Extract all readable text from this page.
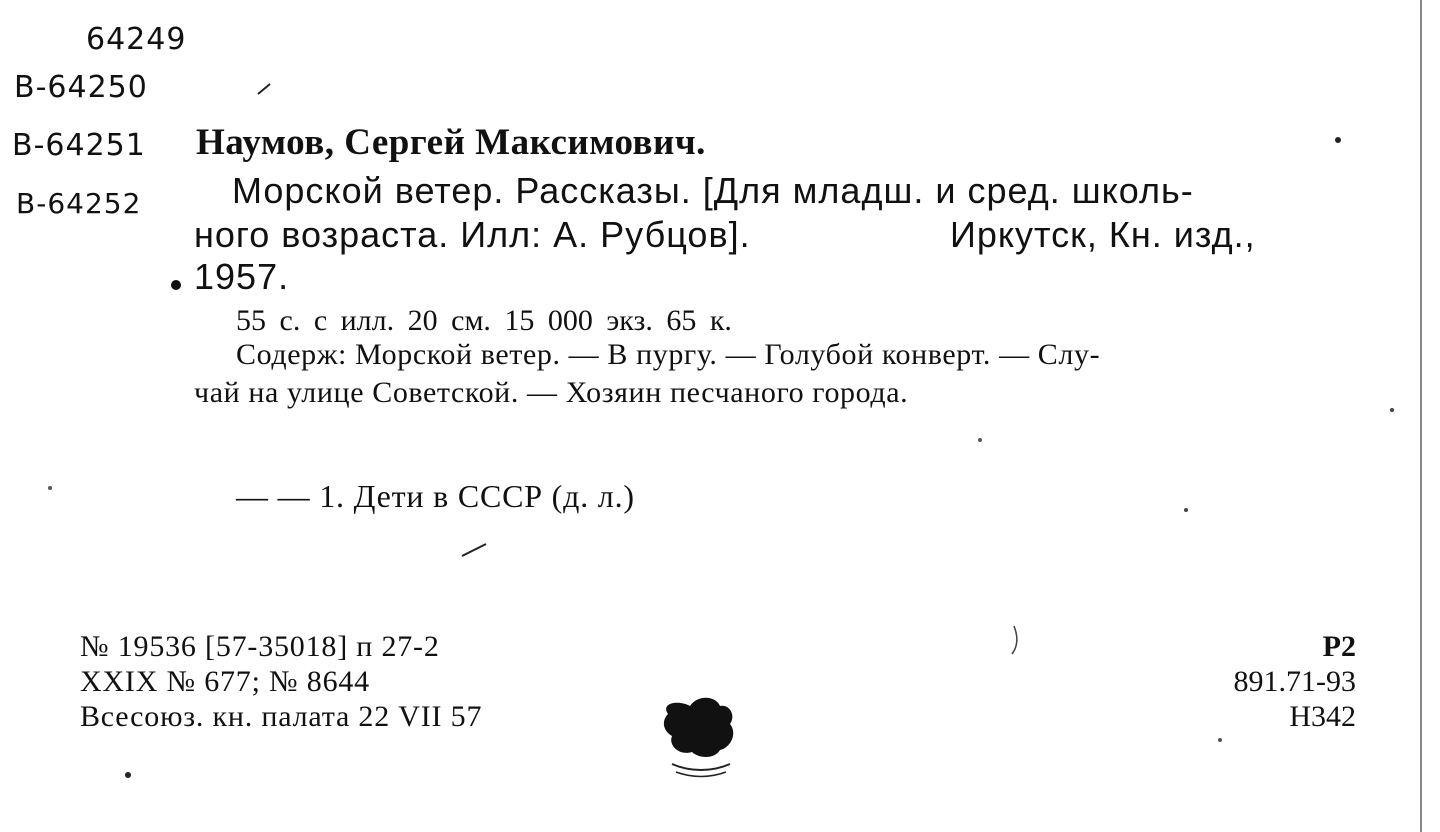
64249
В-64250
В-64251
В-64252
Наумов, Сергей Максимович.
Морской ветер. Рассказы. [Для младш. и сред. школь-
ного возраста. Илл: А. Рубцов].	Иркутск, Кн. изд.,
1957.
55 с. с илл. 20 см. 15 000 экз. 65 к.
Содерж: Морской ветер. — В пургу. — Голубой конверт. — Слу-
чай на улице Советской. — Хозяин песчаного города.
— — 1. Дети в СССР (д. л.)
№ 19536 [57-35018] п 27-2
XXIX № 677; № 8644
Всесоюз. кн. палата 22 VII 57
Р2
891.71-93
Н342
